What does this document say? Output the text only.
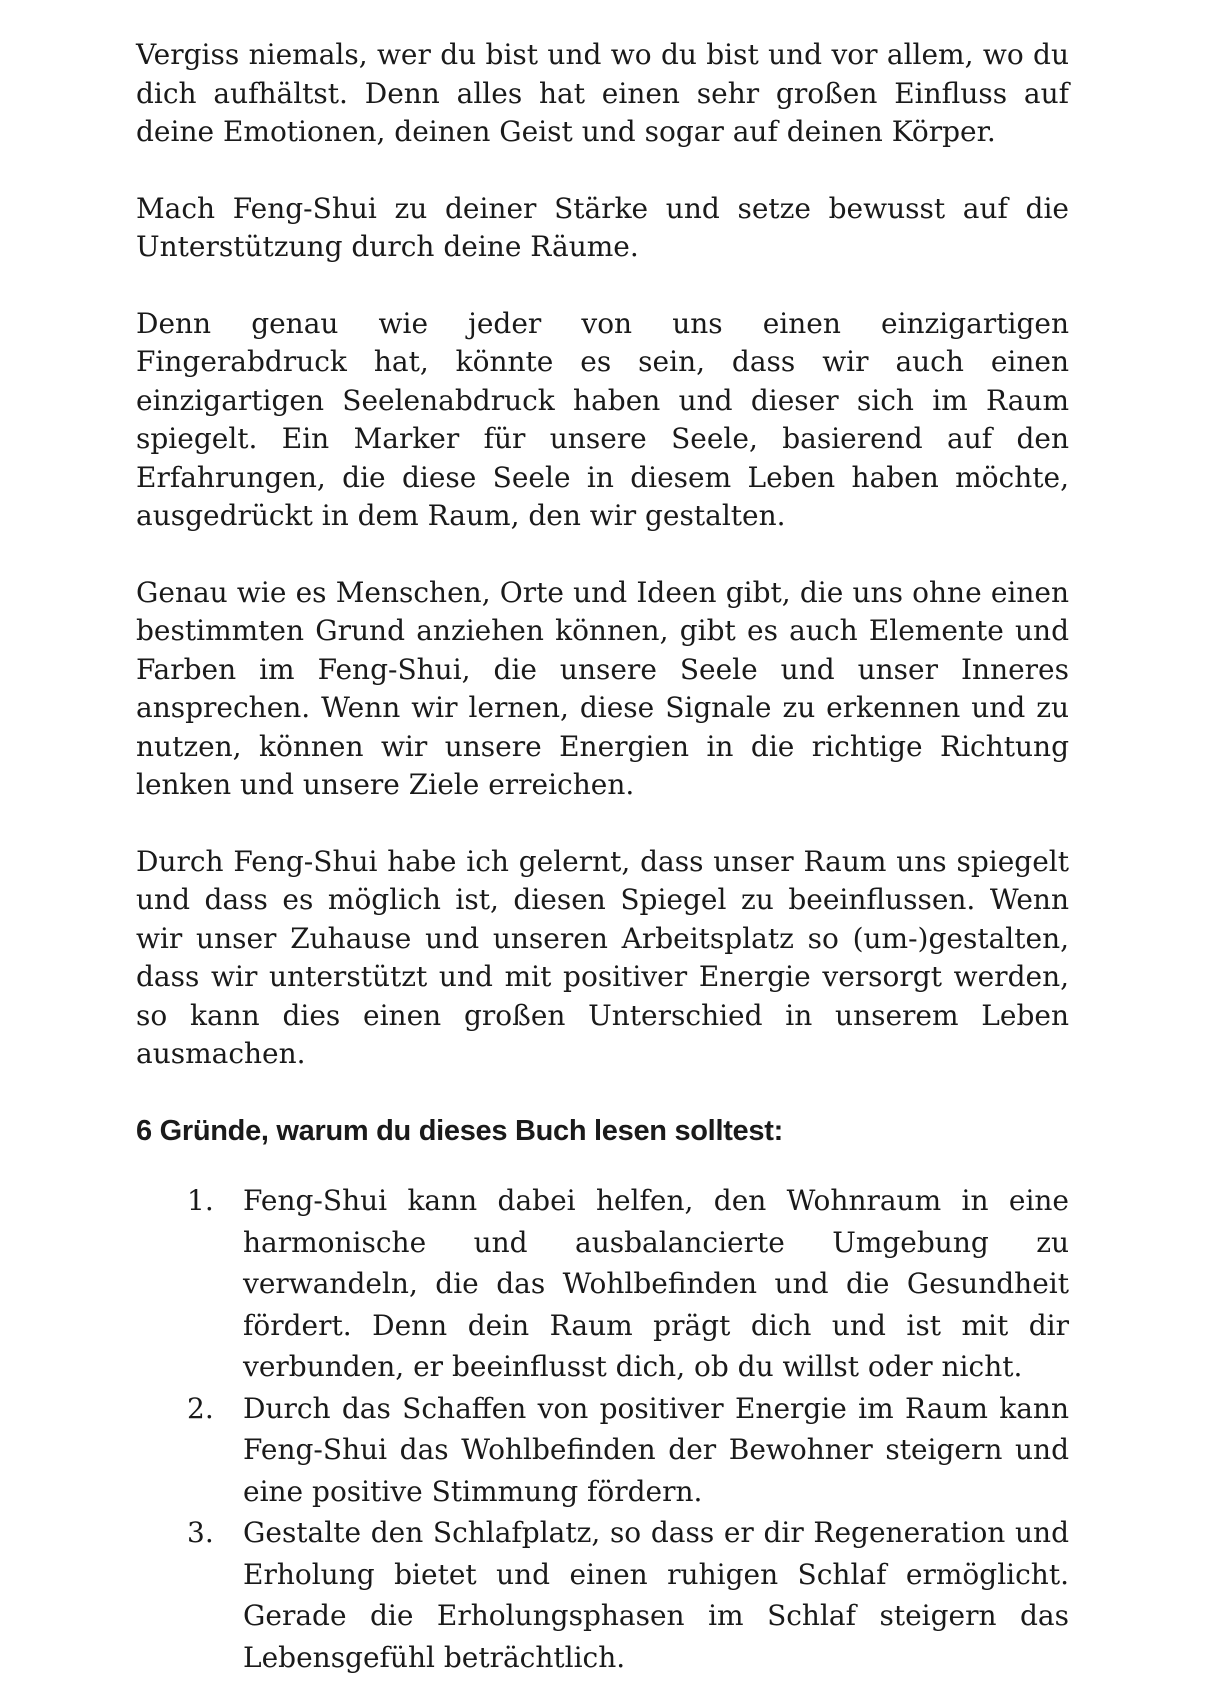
Vergiss niemals, wer du bist und wo du bist und vor allem, wo du dich aufhältst. Denn alles hat einen sehr großen Einfluss auf deine Emotionen, deinen Geist und sogar auf deinen Körper.

Mach Feng-Shui zu deiner Stärke und setze bewusst auf die Unterstützung durch deine Räume.

Denn genau wie jeder von uns einen einzigartigen Fingerabdruck hat, könnte es sein, dass wir auch einen einzigartigen Seelenabdruck haben und dieser sich im Raum spiegelt. Ein Marker für unsere Seele, basierend auf den Erfahrungen, die diese Seele in diesem Leben haben möchte, ausgedrückt in dem Raum, den wir gestalten.

Genau wie es Menschen, Orte und Ideen gibt, die uns ohne einen bestimmten Grund anziehen können, gibt es auch Elemente und Farben im Feng-Shui, die unsere Seele und unser Inneres ansprechen. Wenn wir lernen, diese Signale zu erkennen und zu nutzen, können wir unsere Energien in die richtige Richtung lenken und unsere Ziele erreichen.

Durch Feng-Shui habe ich gelernt, dass unser Raum uns spiegelt und dass es möglich ist, diesen Spiegel zu beeinflussen. Wenn wir unser Zuhause und unseren Arbeitsplatz so (um-)gestalten, dass wir unterstützt und mit positiver Energie versorgt werden, so kann dies einen großen Unterschied in unserem Leben ausmachen.

6 Gründe, warum du dieses Buch lesen solltest:
1.	Feng-Shui kann dabei helfen, den Wohnraum in eine harmonische und ausbalancierte Umgebung zu verwandeln, die das Wohlbefinden und die Gesundheit fördert. Denn dein Raum prägt dich und ist mit dir verbunden, er beeinflusst dich, ob du willst oder nicht.
2.	Durch das Schaffen von positiver Energie im Raum kann Feng-Shui das Wohlbefinden der Bewohner steigern und eine positive Stimmung fördern.
3.	Gestalte den Schlafplatz, so dass er dir Regeneration und Erholung bietet und einen ruhigen Schlaf ermöglicht. Gerade die Erholungsphasen im Schlaf steigern das Lebensgefühl beträchtlich.
